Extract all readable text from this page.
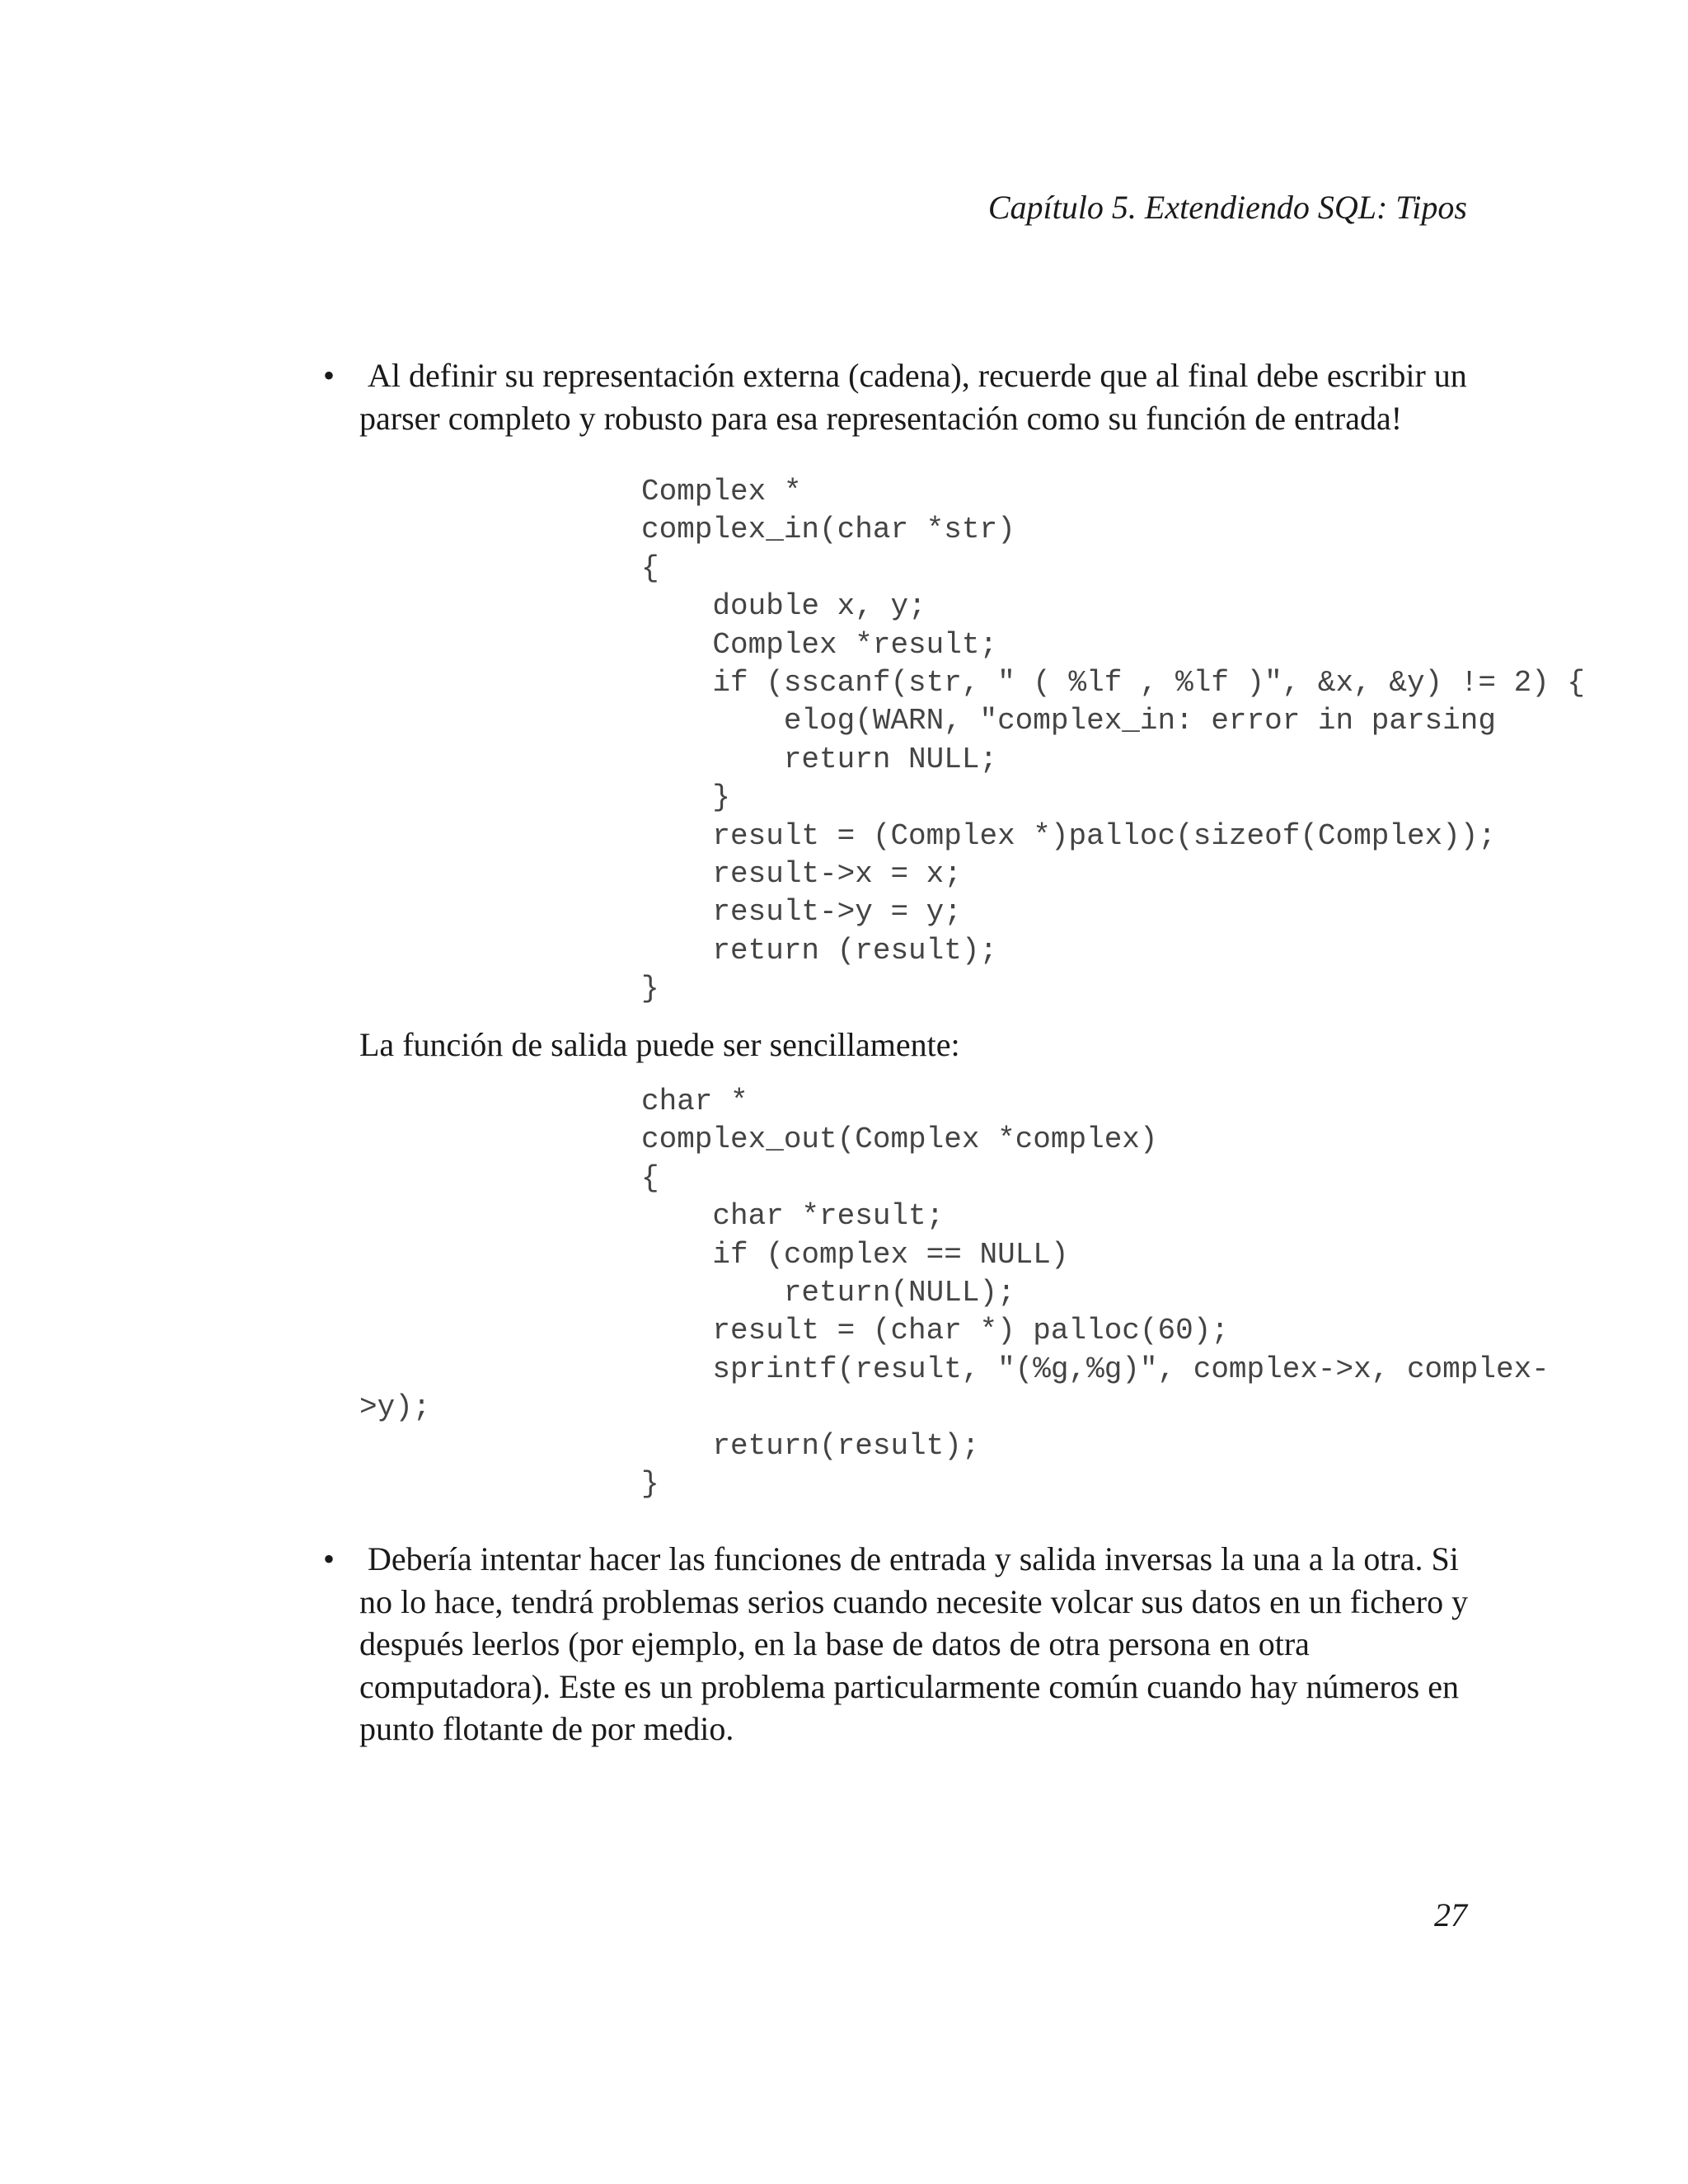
Capítulo 5. Extendiendo SQL: Tipos
• Al definir su representación externa (cadena), recuerde que al final debe escribir un
parser completo y robusto para esa representación como su función de entrada!

Complex *
complex_in(char *str)
{
double x, y;
Complex *result;
if (sscanf(str, " ( %lf , %lf )", &x, &y) != 2) {
elog(WARN, "complex_in: error in parsing
return NULL;
}
result = (Complex *)palloc(sizeof(Complex));
result->x = x;
result->y = y;
return (result);
}

La función de salida puede ser sencillamente:

char *
complex_out(Complex *complex)
{
char *result;
if (complex == NULL)
return(NULL);
result = (char *) palloc(60);
sprintf(result, "(%g,%g)", complex->x, complex-
>y);
return(result);
}
• Debería intentar hacer las funciones de entrada y salida inversas la una a la otra. Si
no lo hace, tendrá problemas serios cuando necesite volcar sus datos en un fichero y
después leerlos (por ejemplo, en la base de datos de otra persona en otra
computadora). Este es un problema particularmente común cuando hay números en
punto flotante de por medio.

27
